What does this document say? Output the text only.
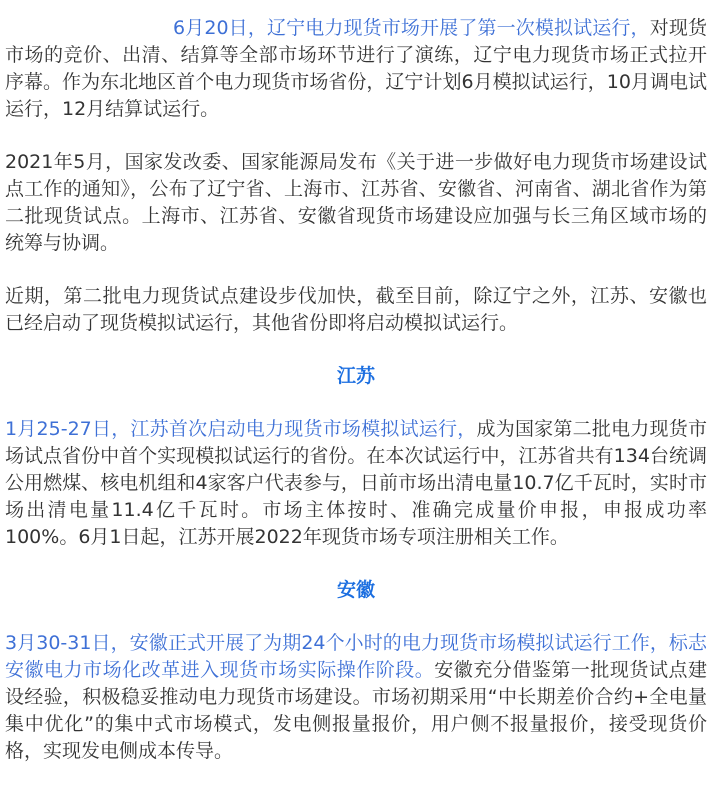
6月20日，辽宁电力现货市场开展了第一次模拟试运行，对现货市场的竞价、出清、结算等全部市场环节进行了演练，辽宁电力现货市场正式拉开序幕。作为东北地区首个电力现货市场省份，辽宁计划6月模拟试运行，10月调电试运行，12月结算试运行。

2021年5月，国家发改委、国家能源局发布《关于进一步做好电力现货市场建设试点工作的通知》，公布了辽宁省、上海市、江苏省、安徽省、河南省、湖北省作为第二批现货试点。上海市、江苏省、安徽省现货市场建设应加强与长三角区域市场的统筹与协调。

近期，第二批电力现货试点建设步伐加快，截至目前，除辽宁之外，江苏、安徽也已经启动了现货模拟试运行，其他省份即将启动模拟试运行。

江苏

1月25-27日，江苏首次启动电力现货市场模拟试运行，成为国家第二批电力现货市场试点省份中首个实现模拟试运行的省份。在本次试运行中，江苏省共有134台统调公用燃煤、核电机组和4家客户代表参与，日前市场出清电量10.7亿千瓦时，实时市场出清电量11.4亿千瓦时。市场主体按时、准确完成量价申报，申报成功率100%。6月1日起，江苏开展2022年现货市场专项注册相关工作。

安徽

3月30-31日，安徽正式开展了为期24个小时的电力现货市场模拟试运行工作，标志安徽电力市场化改革进入现货市场实际操作阶段。安徽充分借鉴第一批现货试点建设经验，积极稳妥推动电力现货市场建设。市场初期采用“中长期差价合约+全电量集中优化”的集中式市场模式，发电侧报量报价，用户侧不报量报价，接受现货价格，实现发电侧成本传导。
